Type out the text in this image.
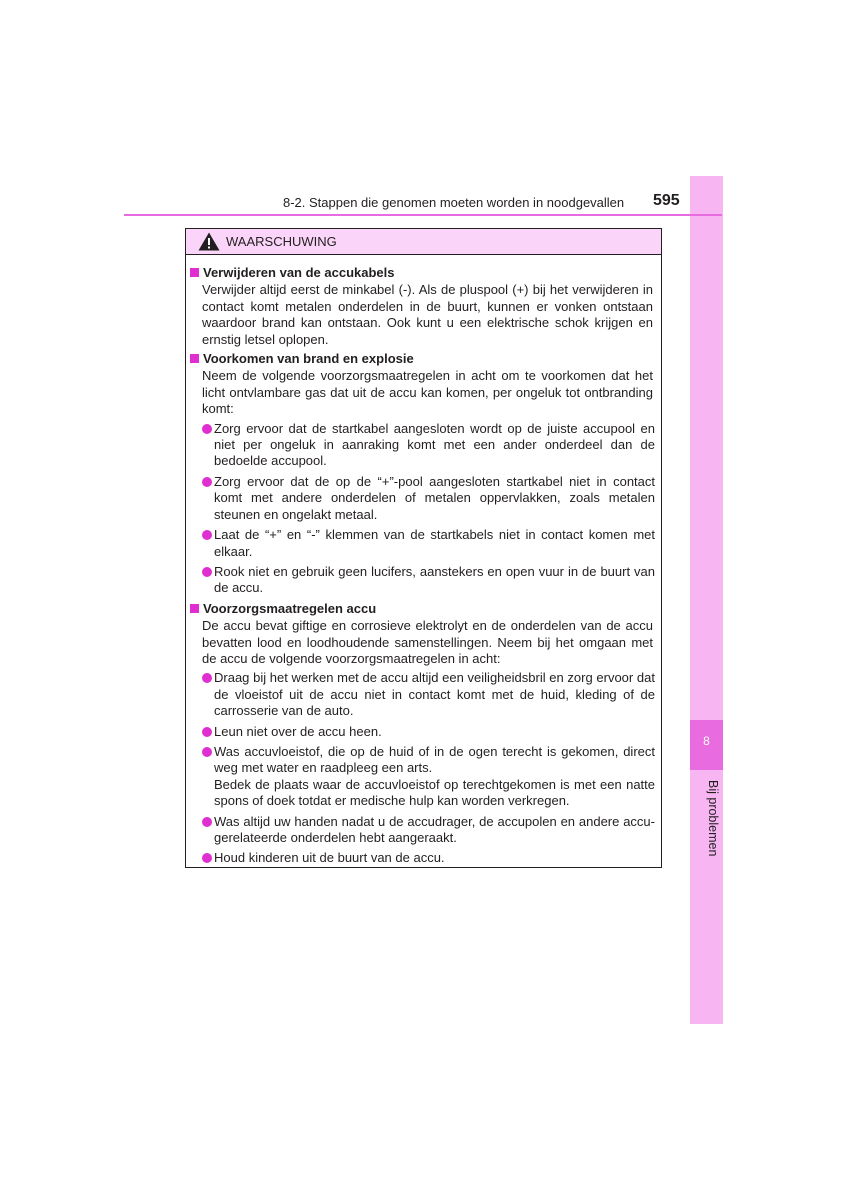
8
Bij problemen
8-2. Stappen die genomen moeten worden in noodgevallen 595
WAARSCHUWING
Verwijderen van de accukabels
Verwijder altijd eerst de minkabel (-). Als de pluspool (+) bij het verwijderen in contact komt metalen onderdelen in de buurt, kunnen er vonken ontstaan waardoor brand kan ontstaan. Ook kunt u een elektrische schok krijgen en ernstig letsel oplopen.
Voorkomen van brand en explosie
Neem de volgende voorzorgsmaatregelen in acht om te voorkomen dat het licht ontvlambare gas dat uit de accu kan komen, per ongeluk tot ontbranding komt:
Zorg ervoor dat de startkabel aangesloten wordt op de juiste accupool en niet per ongeluk in aanraking komt met een ander onderdeel dan de bedoelde accupool.
Zorg ervoor dat de op de “+”-pool aangesloten startkabel niet in contact komt met andere onderdelen of metalen oppervlakken, zoals metalen steunen en ongelakt metaal.
Laat de “+” en “-” klemmen van de startkabels niet in contact komen met elkaar.
Rook niet en gebruik geen lucifers, aanstekers en open vuur in de buurt van de accu.
Voorzorgsmaatregelen accu
De accu bevat giftige en corrosieve elektrolyt en de onderdelen van de accu bevatten lood en loodhoudende samenstellingen. Neem bij het omgaan met de accu de volgende voorzorgsmaatregelen in acht:
Draag bij het werken met de accu altijd een veiligheidsbril en zorg ervoor dat de vloeistof uit de accu niet in contact komt met de huid, kleding of de carrosserie van de auto.
Leun niet over de accu heen.
Was accuvloeistof, die op de huid of in de ogen terecht is gekomen, direct weg met water en raadpleeg een arts.
Bedek de plaats waar de accuvloeistof op terechtgekomen is met een natte spons of doek totdat er medische hulp kan worden verkregen.
Was altijd uw handen nadat u de accudrager, de accupolen en andere accu-gerelateerde onderdelen hebt aangeraakt.
Houd kinderen uit de buurt van de accu.
